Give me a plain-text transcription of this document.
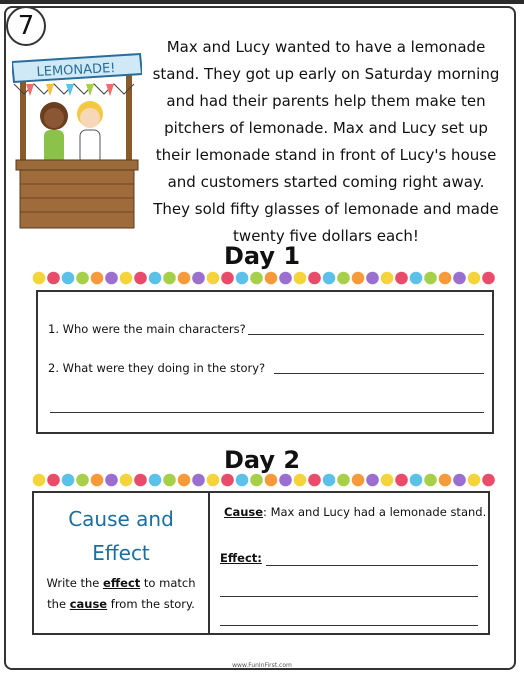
7
LEMONADE!
Max and Lucy wanted to have a lemonade
stand. They got up early on Saturday morning
and had their parents help them make ten
pitchers of lemonade. Max and Lucy set up
their lemonade stand in front of Lucy's house
and customers started coming right away.
They sold fifty glasses of lemonade and made
twenty five dollars each!
Day 1
1. Who were the main characters?
2. What were they doing in the story?
Day 2
Cause and
Effect
Write the effect to match
the cause from the story.
Cause: Max and Lucy had a lemonade stand.
Effect:
www.FunInFirst.com
